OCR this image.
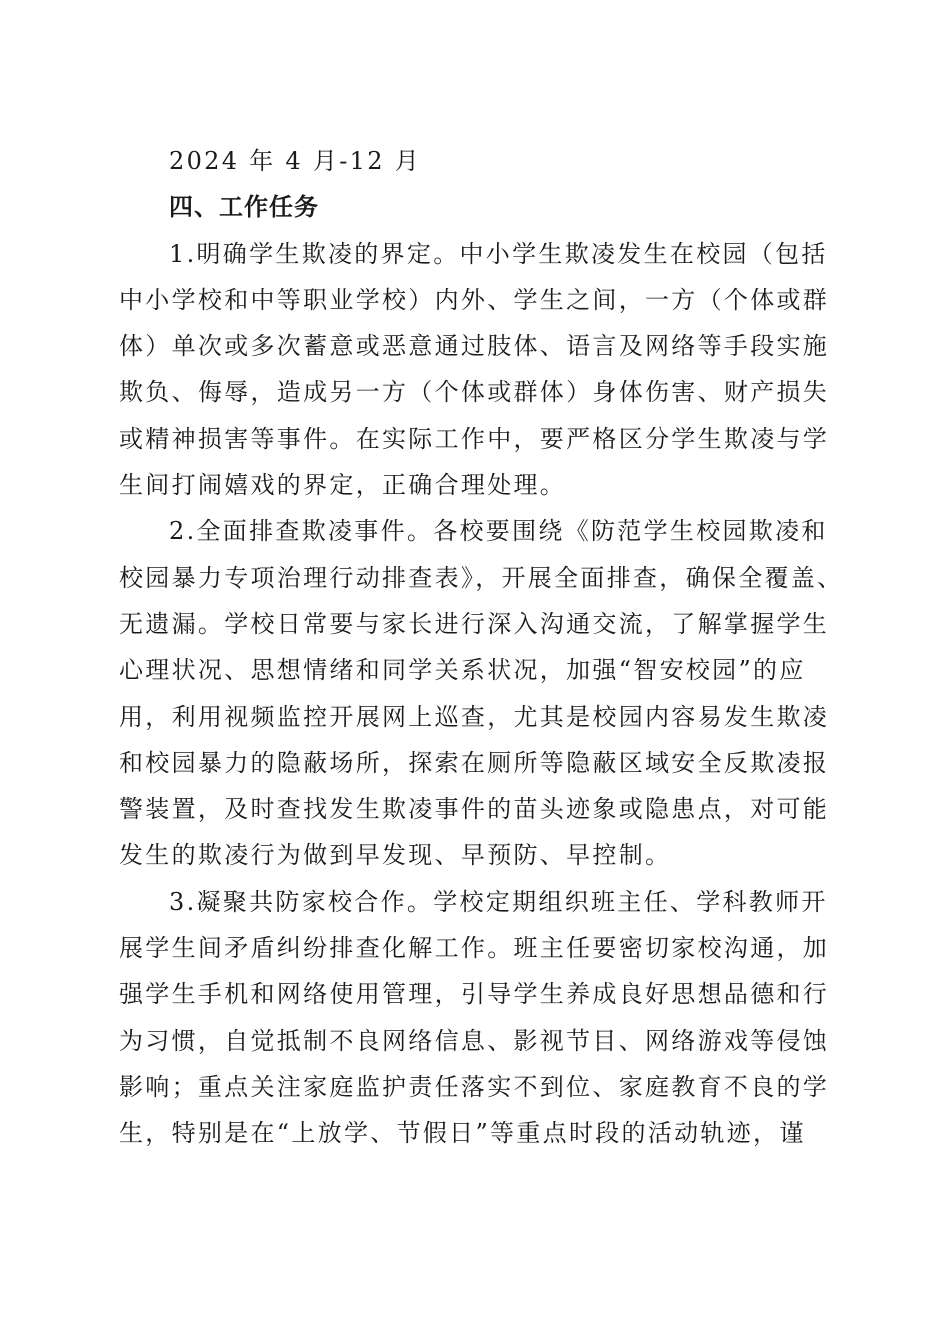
2024 年 4 月-12 月
四、工作任务
1.明确学生欺凌的界定。中小学生欺凌发生在校园（包括
中小学校和中等职业学校）内外、学生之间，一方（个体或群
体）单次或多次蓄意或恶意通过肢体、语言及网络等手段实施
欺负、侮辱，造成另一方（个体或群体）身体伤害、财产损失
或精神损害等事件。在实际工作中，要严格区分学生欺凌与学
生间打闹嬉戏的界定，正确合理处理。
2.全面排查欺凌事件。各校要围绕《防范学生校园欺凌和
校园暴力专项治理行动排查表》，开展全面排查，确保全覆盖、
无遗漏。学校日常要与家长进行深入沟通交流，了解掌握学生
心理状况、思想情绪和同学关系状况，加强“智安校园”的应
用，利用视频监控开展网上巡查，尤其是校园内容易发生欺凌
和校园暴力的隐蔽场所，探索在厕所等隐蔽区域安全反欺凌报
警装置，及时查找发生欺凌事件的苗头迹象或隐患点，对可能
发生的欺凌行为做到早发现、早预防、早控制。
3.凝聚共防家校合作。学校定期组织班主任、学科教师开
展学生间矛盾纠纷排查化解工作。班主任要密切家校沟通，加
强学生手机和网络使用管理，引导学生养成良好思想品德和行
为习惯，自觉抵制不良网络信息、影视节目、网络游戏等侵蚀
影响；重点关注家庭监护责任落实不到位、家庭教育不良的学
生，特别是在“上放学、节假日”等重点时段的活动轨迹，谨
